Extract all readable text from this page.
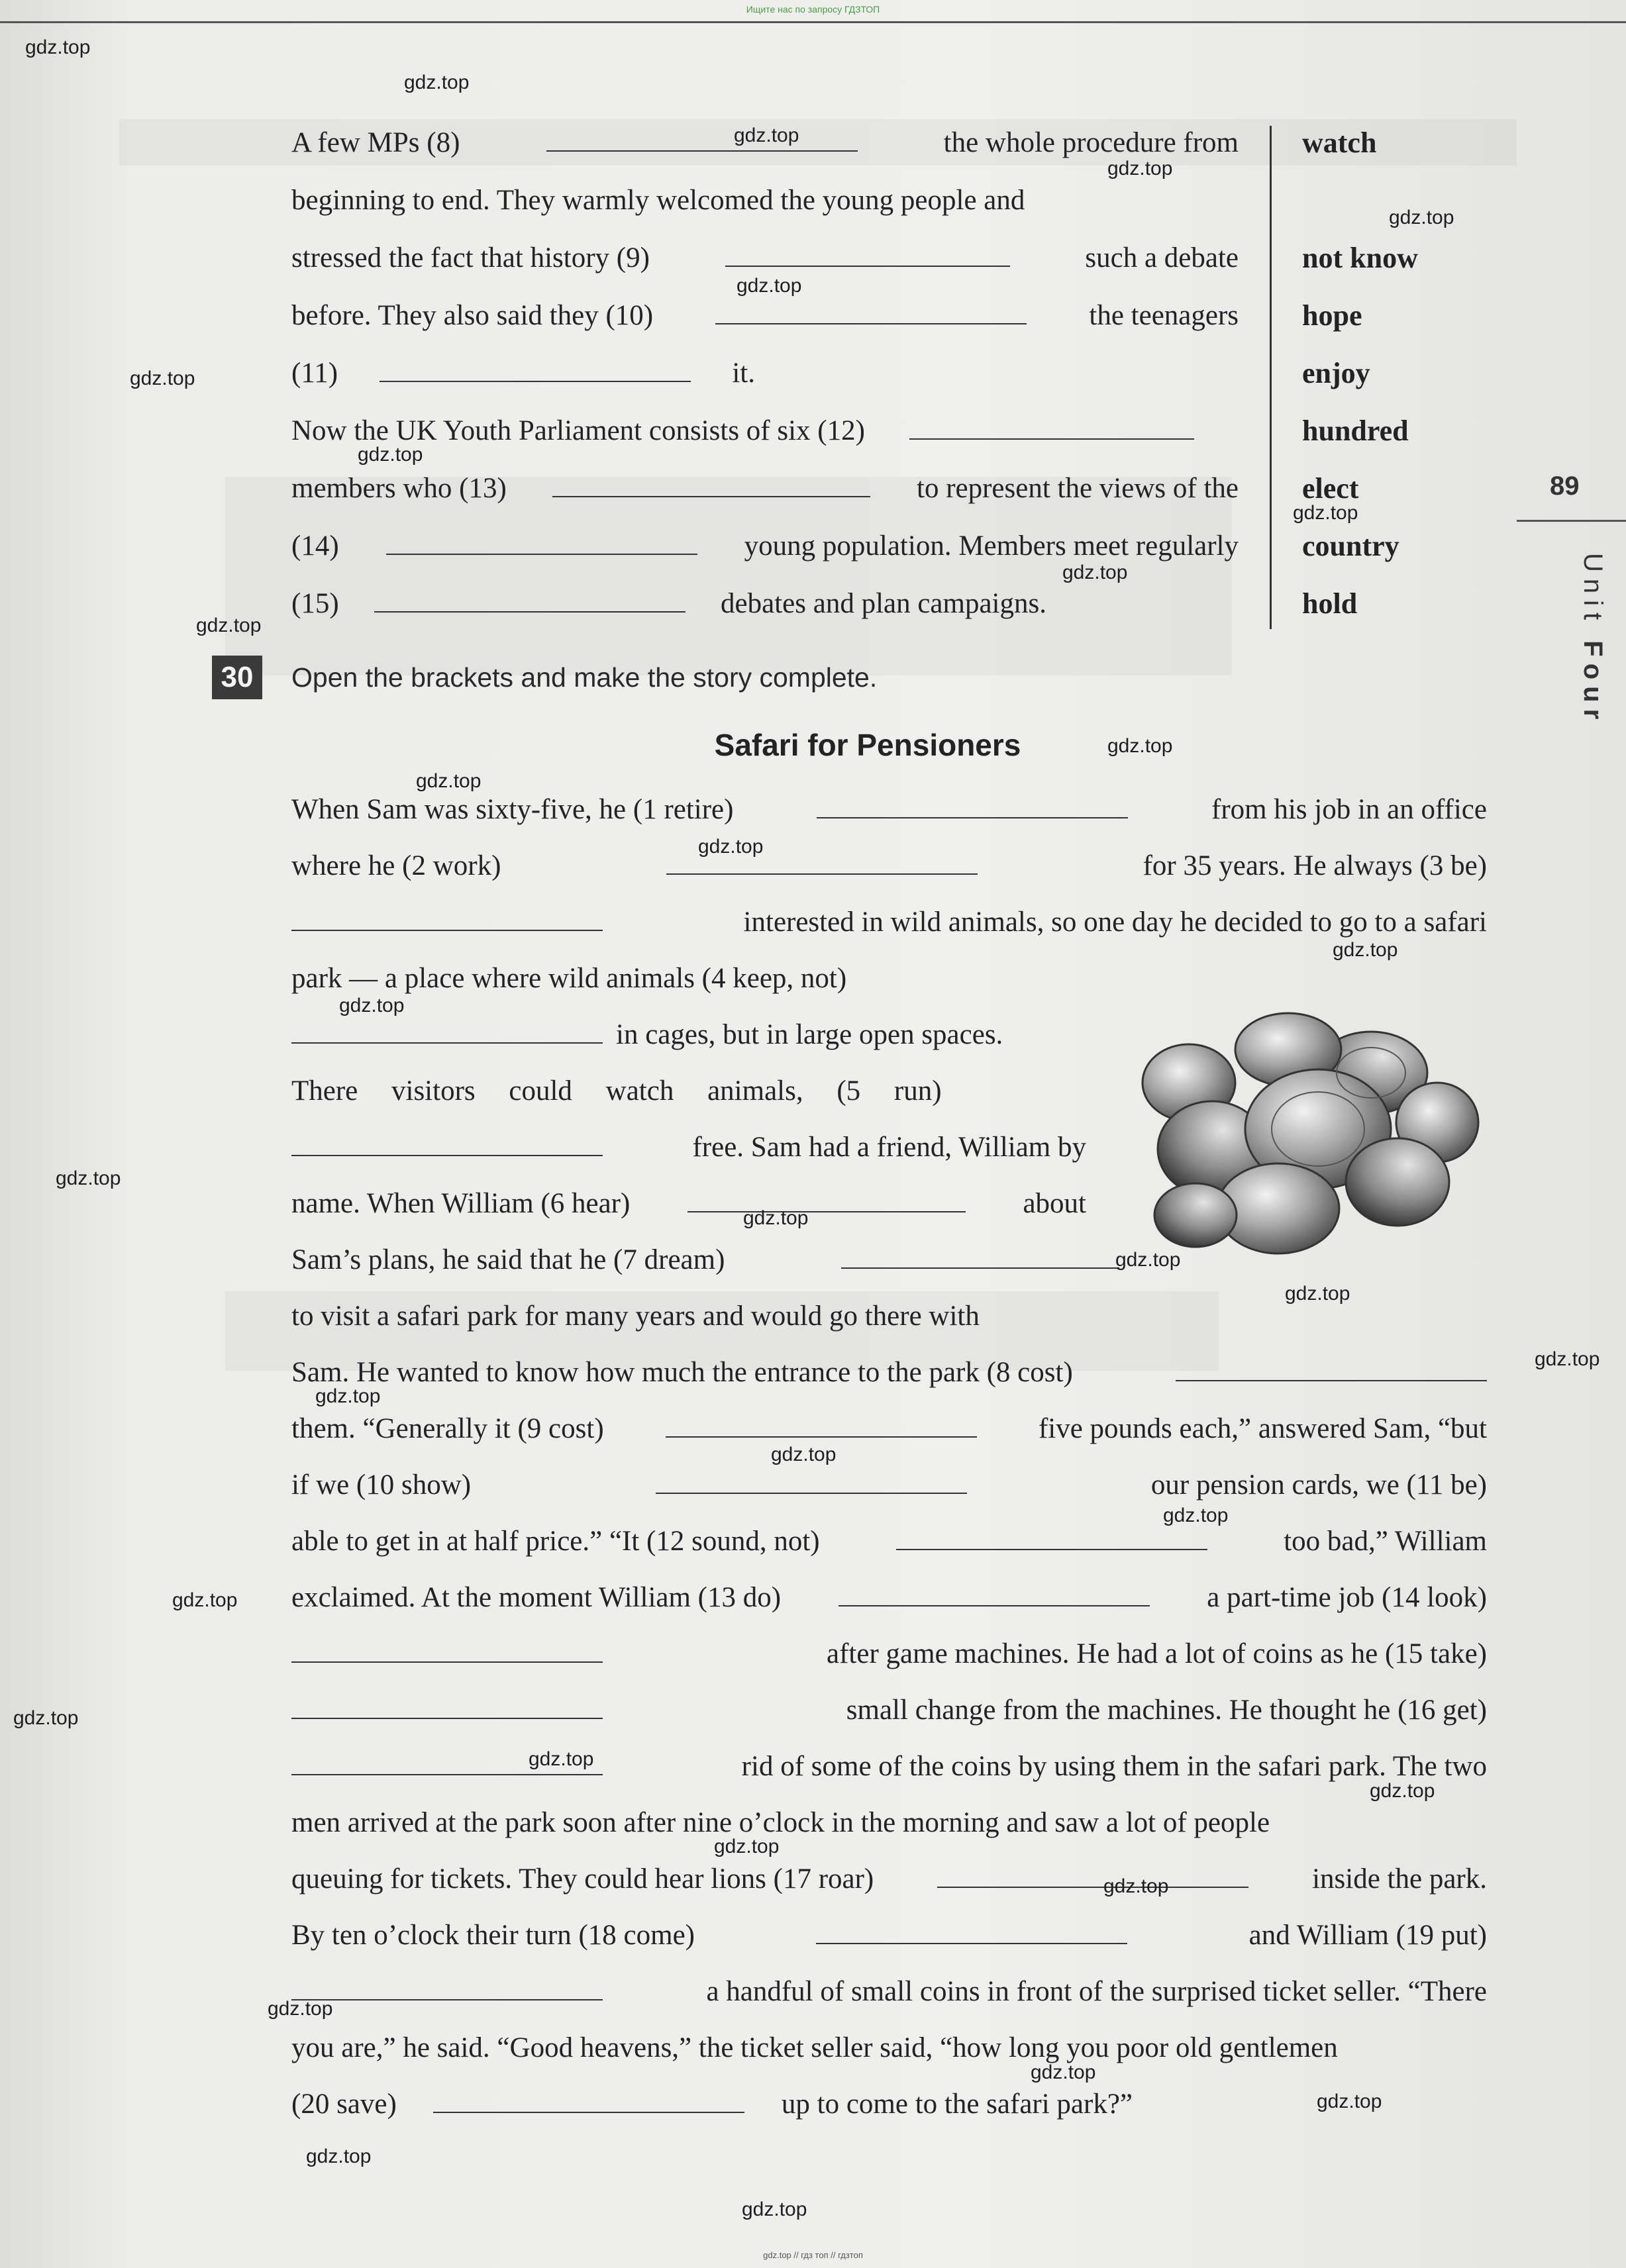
Ищите нас по запросу ГДЗТОП
A few MPs (8)	the whole procedure from
beginning to end. They warmly welcomed the young people and
stressed the fact that history (9)	such a debate
before. They also said they (10)	the teenagers
(11)	it.
Now the UK Youth Parliament consists of six (12)
members who (13)	to represent the views of the
(14)	young population. Members meet regularly
(15)	debates and plan campaigns.
watch
not know
hope
enjoy
hundred
elect
country
hold
89
Unit Four
30	Open the brackets and make the story complete.
Safari for Pensioners
When Sam was sixty-five, he (1 retire)	from his job in an office
where he (2 work)	for 35 years. He always (3 be)
interested in wild animals, so one day he decided to go to a safari
park — a place where wild animals (4 keep, not)
in cages, but in large open spaces.
There visitors could watch animals, (5 run)
free. Sam had a friend, William by
name. When William (6 hear)	about
Sam’s plans, he said that he (7 dream)
to visit a safari park for many years and would go there with
Sam. He wanted to know how much the entrance to the park (8 cost)
them. “Generally it (9 cost)	five pounds each,” answered Sam, “but
if we (10 show)	our pension cards, we (11 be)
able to get in at half price.” “It (12 sound, not)	too bad,” William
exclaimed. At the moment William (13 do)	a part-time job (14 look)
after game machines. He had a lot of coins as he (15 take)
small change from the machines. He thought he (16 get)
rid of some of the coins by using them in the safari park. The two
men arrived at the park soon after nine o’clock in the morning and saw a lot of people
queuing for tickets. They could hear lions (17 roar)	inside the park.
By ten o’clock their turn (18 come)	and William (19 put)
a handful of small coins in front of the surprised ticket seller. “There
you are,” he said. “Good heavens,” the ticket seller said, “how long you poor old gentlemen
(20 save)	up to come to the safari park?”
gdz.top
gdz.top
gdz.top
gdz.top
gdz.top
gdz.top
gdz.top
gdz.top
gdz.top
gdz.top
gdz.top
gdz.top
gdz.top
gdz.top
gdz.top
gdz.top
gdz.top
gdz.top
gdz.top
gdz.top
gdz.top
gdz.top
gdz.top
gdz.top
gdz.top
gdz.top
gdz.top
gdz.top
gdz.top
gdz.top
gdz.top
gdz.top
gdz.top
gdz.top
gdz.top
gdz.top // гдз топ // гдзтоп
